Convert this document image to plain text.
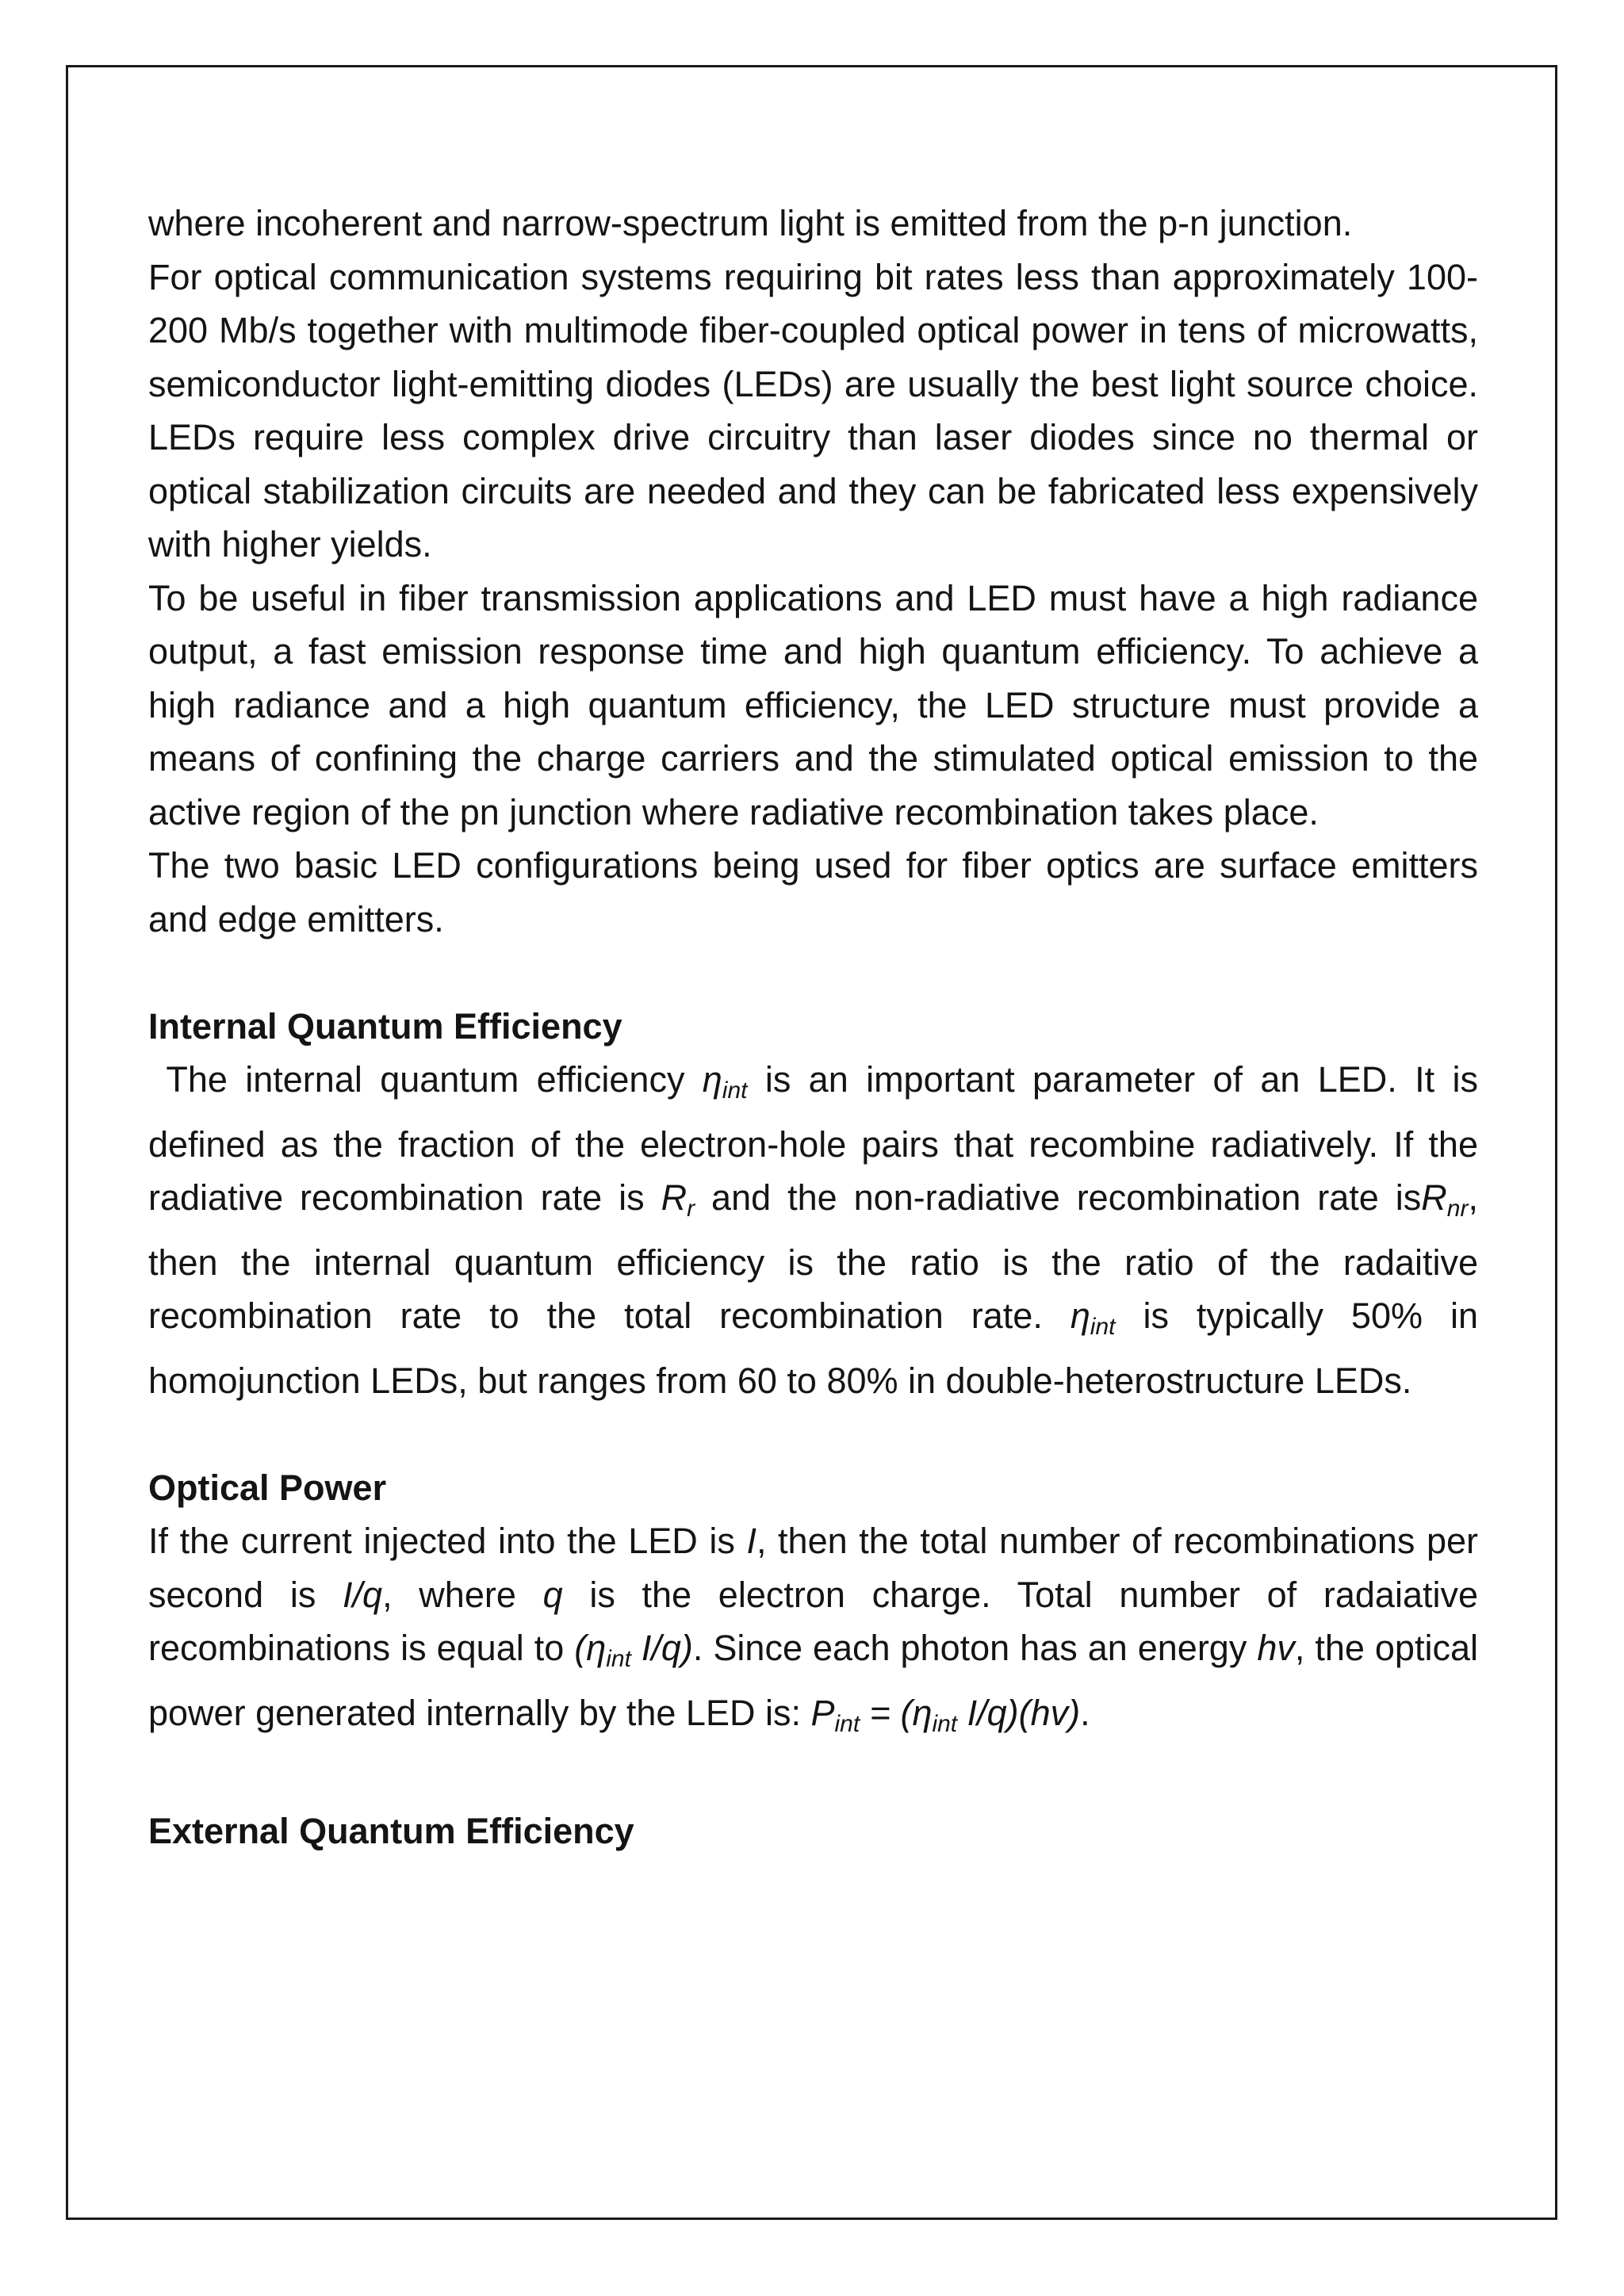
where incoherent and narrow-spectrum light is emitted from the p-n junction.

For optical communication systems requiring bit rates less than approximately 100-200 Mb/s together with multimode fiber-coupled optical power in tens of microwatts, semiconductor light-emitting diodes (LEDs) are usually the best light source choice. LEDs require less complex drive circuitry than laser diodes since no thermal or optical stabilization circuits are needed and they can be fabricated less expensively with higher yields.

To be useful in fiber transmission applications and LED must have a high radiance output, a fast emission response time and high quantum efficiency. To achieve a high radiance and a high quantum efficiency, the LED structure must provide a means of confining the charge carriers and the stimulated optical emission to the active region of the pn junction where radiative recombination takes place.

The two basic LED configurations being used for fiber optics are surface emitters and edge emitters.

Internal Quantum Efficiency

The internal quantum efficiency $\eta_{int}$ is an important parameter of an LED. It is defined as the fraction of the electron-hole pairs that recombine radiatively. If the radiative recombination rate is $R_r$ and the non-radiative recombination rate isR$_{nr}$, then the internal quantum efficiency is the ratio is the ratio of the radaitive recombination rate to the total recombination rate. $\eta_{int}$ is typically 50% in homojunction LEDs, but ranges from 60 to 80% in double-heterostructure LEDs.

Optical Power

If the current injected into the LED is I, then the total number of recombinations per second is I/q, where q is the electron charge. Total number of radaiative recombinations is equal to ($\eta_{int}$ I/q). Since each photon has an energy hv, the optical power generated internally by the LED is: $P_{int} = (\eta_{int}$ I/q)(hv).

External Quantum Efficiency
